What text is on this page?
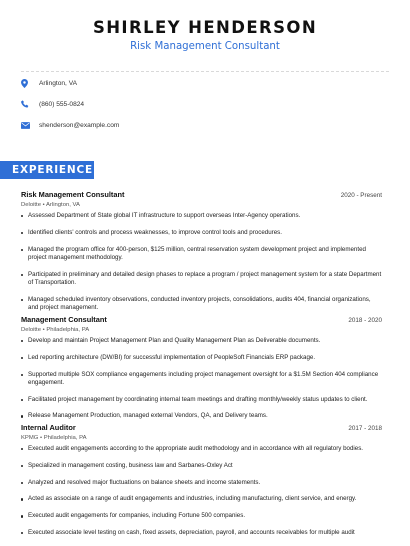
SHIRLEY HENDERSON
Risk Management Consultant
Arlington, VA
(860) 555-0824
shenderson@example.com
EXPERIENCE
Risk Management Consultant	2020 - Present
Deloitte • Arlington, VA
Assessed Department of State global IT infrastructure to support overseas Inter-Agency operations.
Identified clients' controls and process weaknesses, to improve control tools and procedures.
Managed the program office for 400-person, $125 million, central reservation system development project and implemented project management methodology.
Participated in preliminary and detailed design phases to replace a program / project management system for a state Department of Transportation.
Managed scheduled inventory observations, conducted inventory projects, consolidations, audits 404, financial organizations, and project management.
Management Consultant	2018 - 2020
Deloitte • Philadelphia, PA
Develop and maintain Project Management Plan and Quality Management Plan as Deliverable documents.
Led reporting architecture (DW/BI) for successful implementation of PeopleSoft Financials ERP package.
Supported multiple SOX compliance engagements including project management oversight for a $1.5M Section 404 compliance engagement.
Facilitated project management by coordinating internal team meetings and drafting monthly/weekly status updates to client.
Release Management Production, managed external Vendors, QA, and Delivery teams.
Internal Auditor	2017 - 2018
KPMG • Philadelphia, PA
Executed audit engagements according to the appropriate audit methodology and in accordance with all regulatory bodies.
Specialized in management costing, business law and Sarbanes-Oxley Act
Analyzed and resolved major fluctuations on balance sheets and income statements.
Acted as associate on a range of audit engagements and industries, including manufacturing, client service, and energy.
Executed audit engagements for companies, including Fortune 500 companies.
Executed associate level testing on cash, fixed assets, depreciation, payroll, and accounts receivables for multiple audit
